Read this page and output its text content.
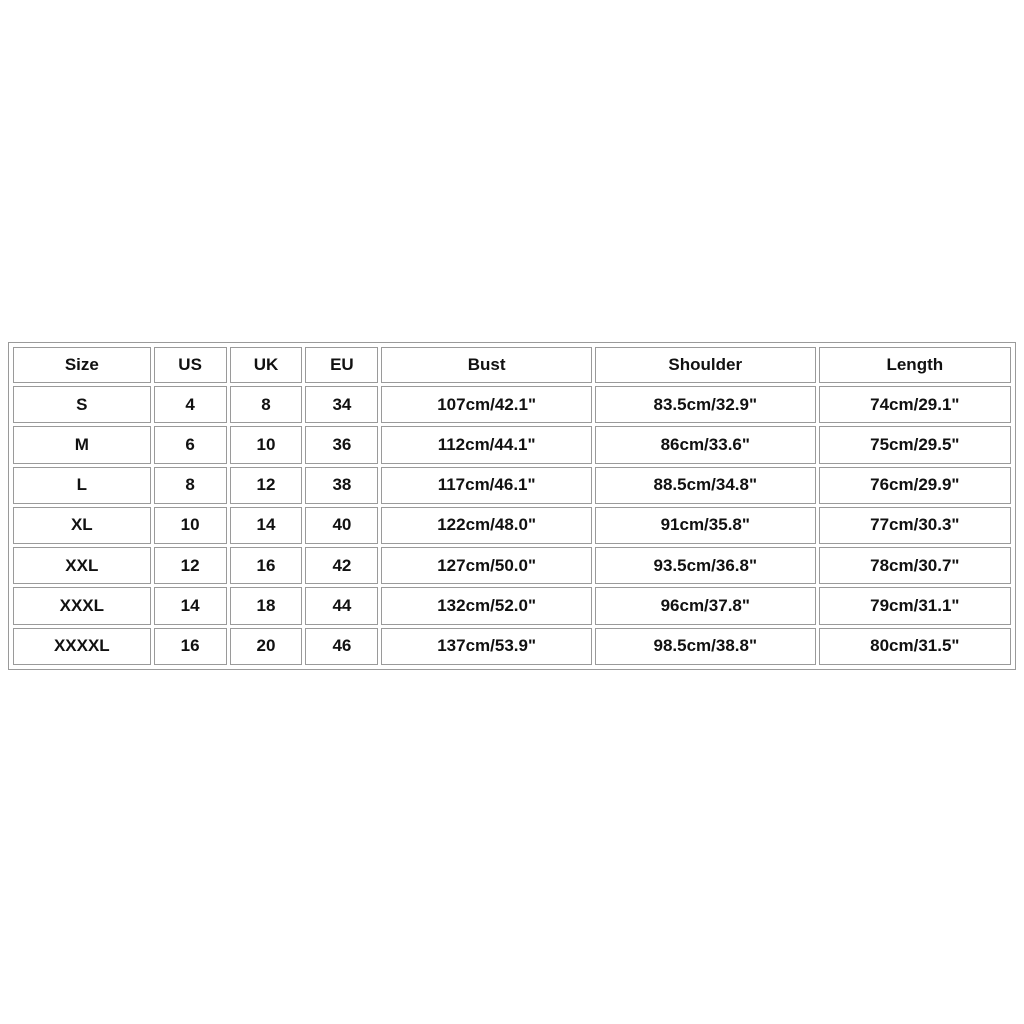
Size	US	UK	EU	Bust	Shoulder	Length
S	4	8	34	107cm/42.1"	83.5cm/32.9"	74cm/29.1"
M	6	10	36	112cm/44.1"	86cm/33.6"	75cm/29.5"
L	8	12	38	117cm/46.1"	88.5cm/34.8"	76cm/29.9"
XL	10	14	40	122cm/48.0"	91cm/35.8"	77cm/30.3"
XXL	12	16	42	127cm/50.0"	93.5cm/36.8"	78cm/30.7"
XXXL	14	18	44	132cm/52.0"	96cm/37.8"	79cm/31.1"
XXXXL	16	20	46	137cm/53.9"	98.5cm/38.8"	80cm/31.5"
